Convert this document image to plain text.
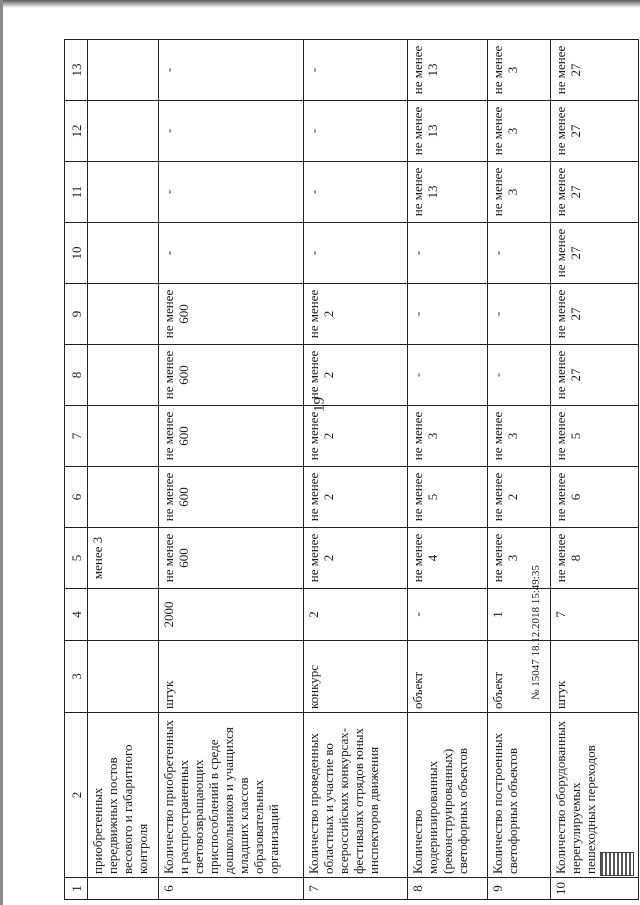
19
1	2	3	4	5	6	7	8	9	10	11	12	13
	приобретенных передвижных постов весового и габаритного контроля			менее 3								
6	Количество приобретенных и распространенных световозвращающих приспособлений в среде дошкольников и учащихся младших классов образовательных организаций	штук	2000	не менее 600	не менее 600	не менее 600	не менее 600	не менее 600	-	-	-	-
7	Количество проведенных областных и участие во всероссийских конкурсах-фестивалях отрядов юных инспекторов движения	конкурс	2	не менее 2	не менее 2	не менее 2	не менее 2	не менее 2	-	-	-	-
8	Количество модернизированных (реконструированных) светофорных объектов	объект	-	не менее 4	не менее 5	не менее 3	-	-	-	не менее 13	не менее 13	не менее 13
9	Количество построенных светофорных объектов	объект	1	не менее 3	не менее 2	не менее 3	-	-	-	не менее 3	не менее 3	не менее 3
10	Количество оборудованных нерегулируемых пешеходных переходов	штук	7	не менее 8	не менее 6	не менее 5	не менее 27	не менее 27	не менее 27	не менее 27	не менее 27	не менее 27
№ 15047 18.12.2018 15:49:35
